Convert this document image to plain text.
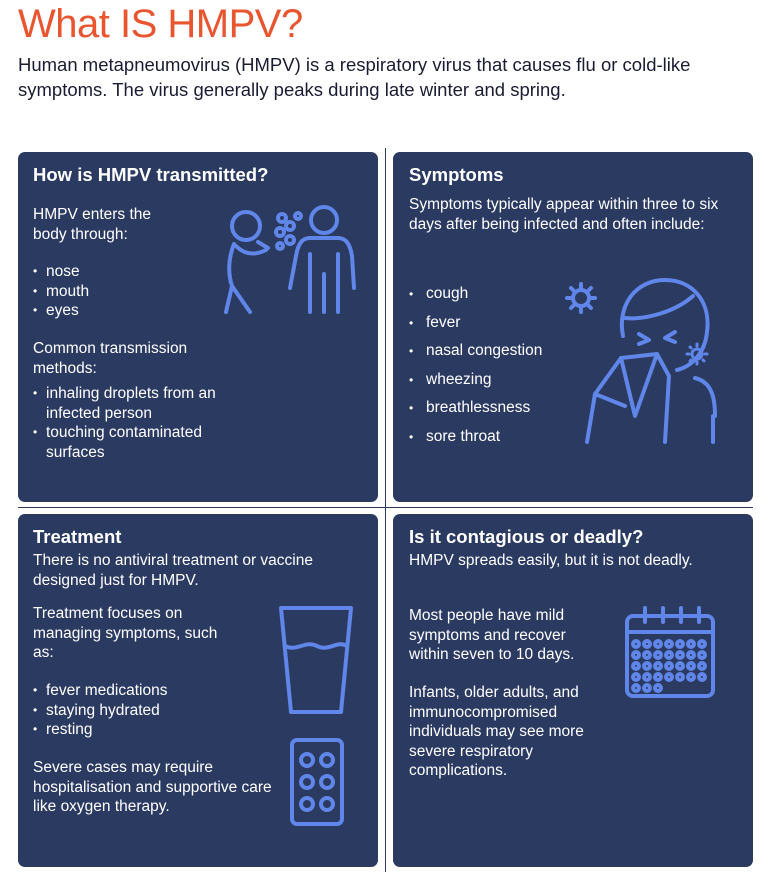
What IS HMPV?

Human metapneumovirus (HMPV) is a respiratory virus that causes flu or cold-like symptoms. The virus generally peaks during late winter and spring.

How is HMPV transmitted?

HMPV enters the body through:

• nose
• mouth
• eyes

Common transmission methods:

• inhaling droplets from an infected person
• touching contaminated surfaces
Symptoms

Symptoms typically appear within three to six days after being infected and often include:

• cough
• fever
• nasal congestion
• wheezing
• breathlessness
• sore throat
Treatment

There is no antiviral treatment or vaccine designed just for HMPV.

Treatment focuses on managing symptoms, such as:

• fever medications
• staying hydrated
• resting

Severe cases may require hospitalisation and supportive care like oxygen therapy.

Is it contagious or deadly?

HMPV spreads easily, but it is not deadly.

Most people have mild symptoms and recover within seven to 10 days.

Infants, older adults, and immunocompromised individuals may see more severe respiratory complications.
